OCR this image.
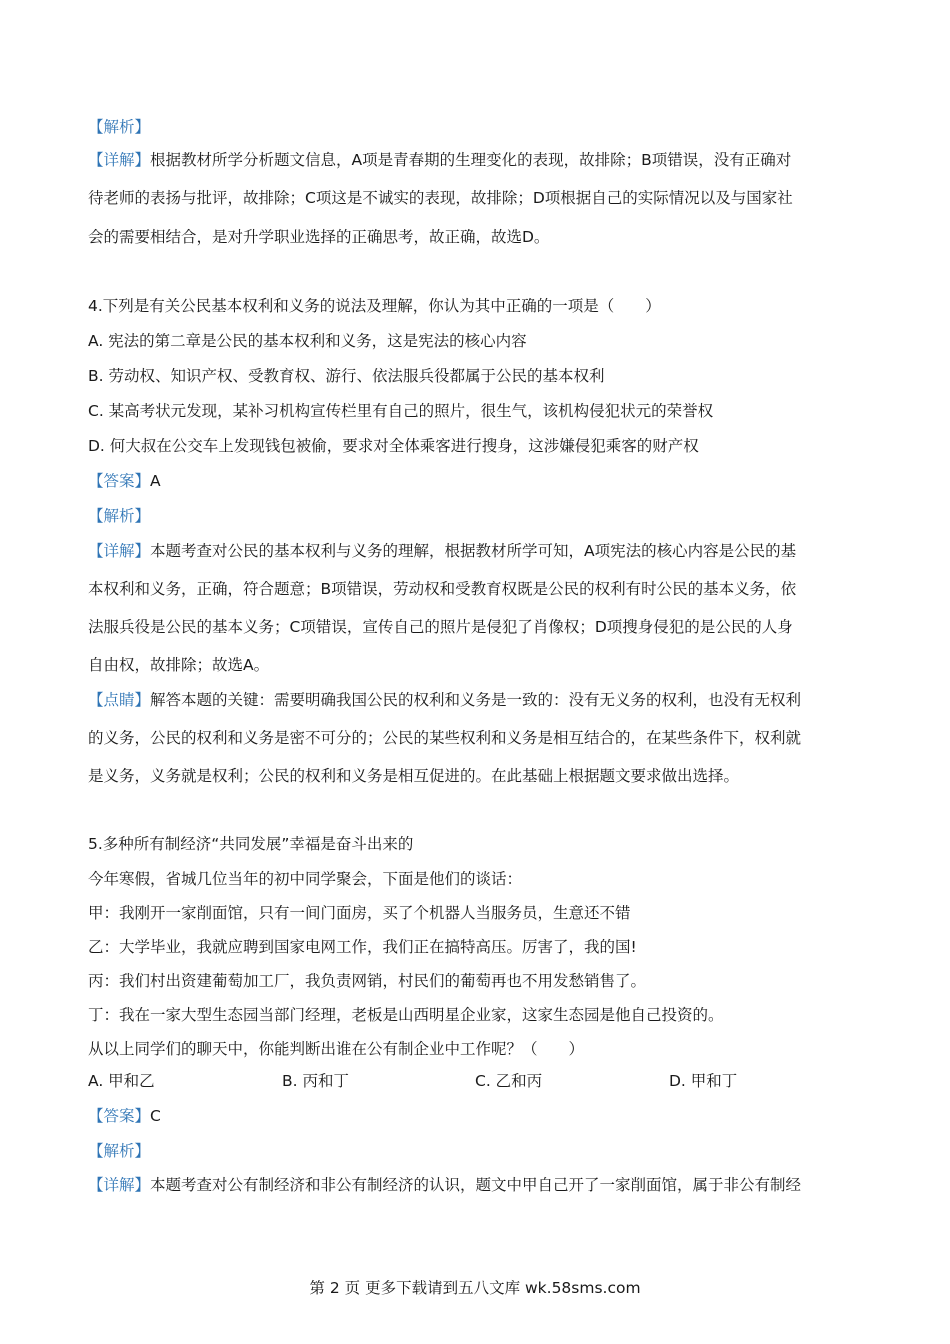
【解析】
【详解】根据教材所学分析题文信息，A项是青春期的生理变化的表现，故排除；B项错误，没有正确对
待老师的表扬与批评，故排除；C项这是不诚实的表现，故排除；D项根据自己的实际情况以及与国家社
会的需要相结合，是对升学职业选择的正确思考，故正确，故选D。
4.下列是有关公民基本权利和义务的说法及理解，你认为其中正确的一项是（　　）
A. 宪法的第二章是公民的基本权利和义务，这是宪法的核心内容
B. 劳动权、知识产权、受教育权、游行、依法服兵役都属于公民的基本权利
C. 某高考状元发现，某补习机构宣传栏里有自己的照片，很生气，该机构侵犯状元的荣誉权
D. 何大叔在公交车上发现钱包被偷，要求对全体乘客进行搜身，这涉嫌侵犯乘客的财产权
【答案】A
【解析】
【详解】本题考查对公民的基本权利与义务的理解，根据教材所学可知，A项宪法的核心内容是公民的基
本权利和义务，正确，符合题意；B项错误，劳动权和受教育权既是公民的权利有时公民的基本义务，依
法服兵役是公民的基本义务；C项错误，宣传自己的照片是侵犯了肖像权；D项搜身侵犯的是公民的人身
自由权，故排除；故选A。
【点睛】解答本题的关键：需要明确我国公民的权利和义务是一致的：没有无义务的权利，也没有无权利
的义务，公民的权利和义务是密不可分的；公民的某些权利和义务是相互结合的，在某些条件下，权利就
是义务，义务就是权利；公民的权利和义务是相互促进的。在此基础上根据题文要求做出选择。
5.多种所有制经济“共同发展”幸福是奋斗出来的
今年寒假，省城几位当年的初中同学聚会，下面是他们的谈话：
甲：我刚开一家削面馆，只有一间门面房，买了个机器人当服务员，生意还不错
乙：大学毕业，我就应聘到国家电网工作，我们正在搞特高压。厉害了，我的国!
丙：我们村出资建葡萄加工厂，我负责网销，村民们的葡萄再也不用发愁销售了。
丁：我在一家大型生态园当部门经理，老板是山西明星企业家，这家生态园是他自己投资的。
从以上同学们的聊天中，你能判断出谁在公有制企业中工作呢？（　　）
A. 甲和乙	B. 丙和丁	C. 乙和丙	D. 甲和丁
【答案】C
【解析】
【详解】本题考查对公有制经济和非公有制经济的认识，题文中甲自己开了一家削面馆，属于非公有制经
第 2 页 更多下载请到五八文库 wk.58sms.com
